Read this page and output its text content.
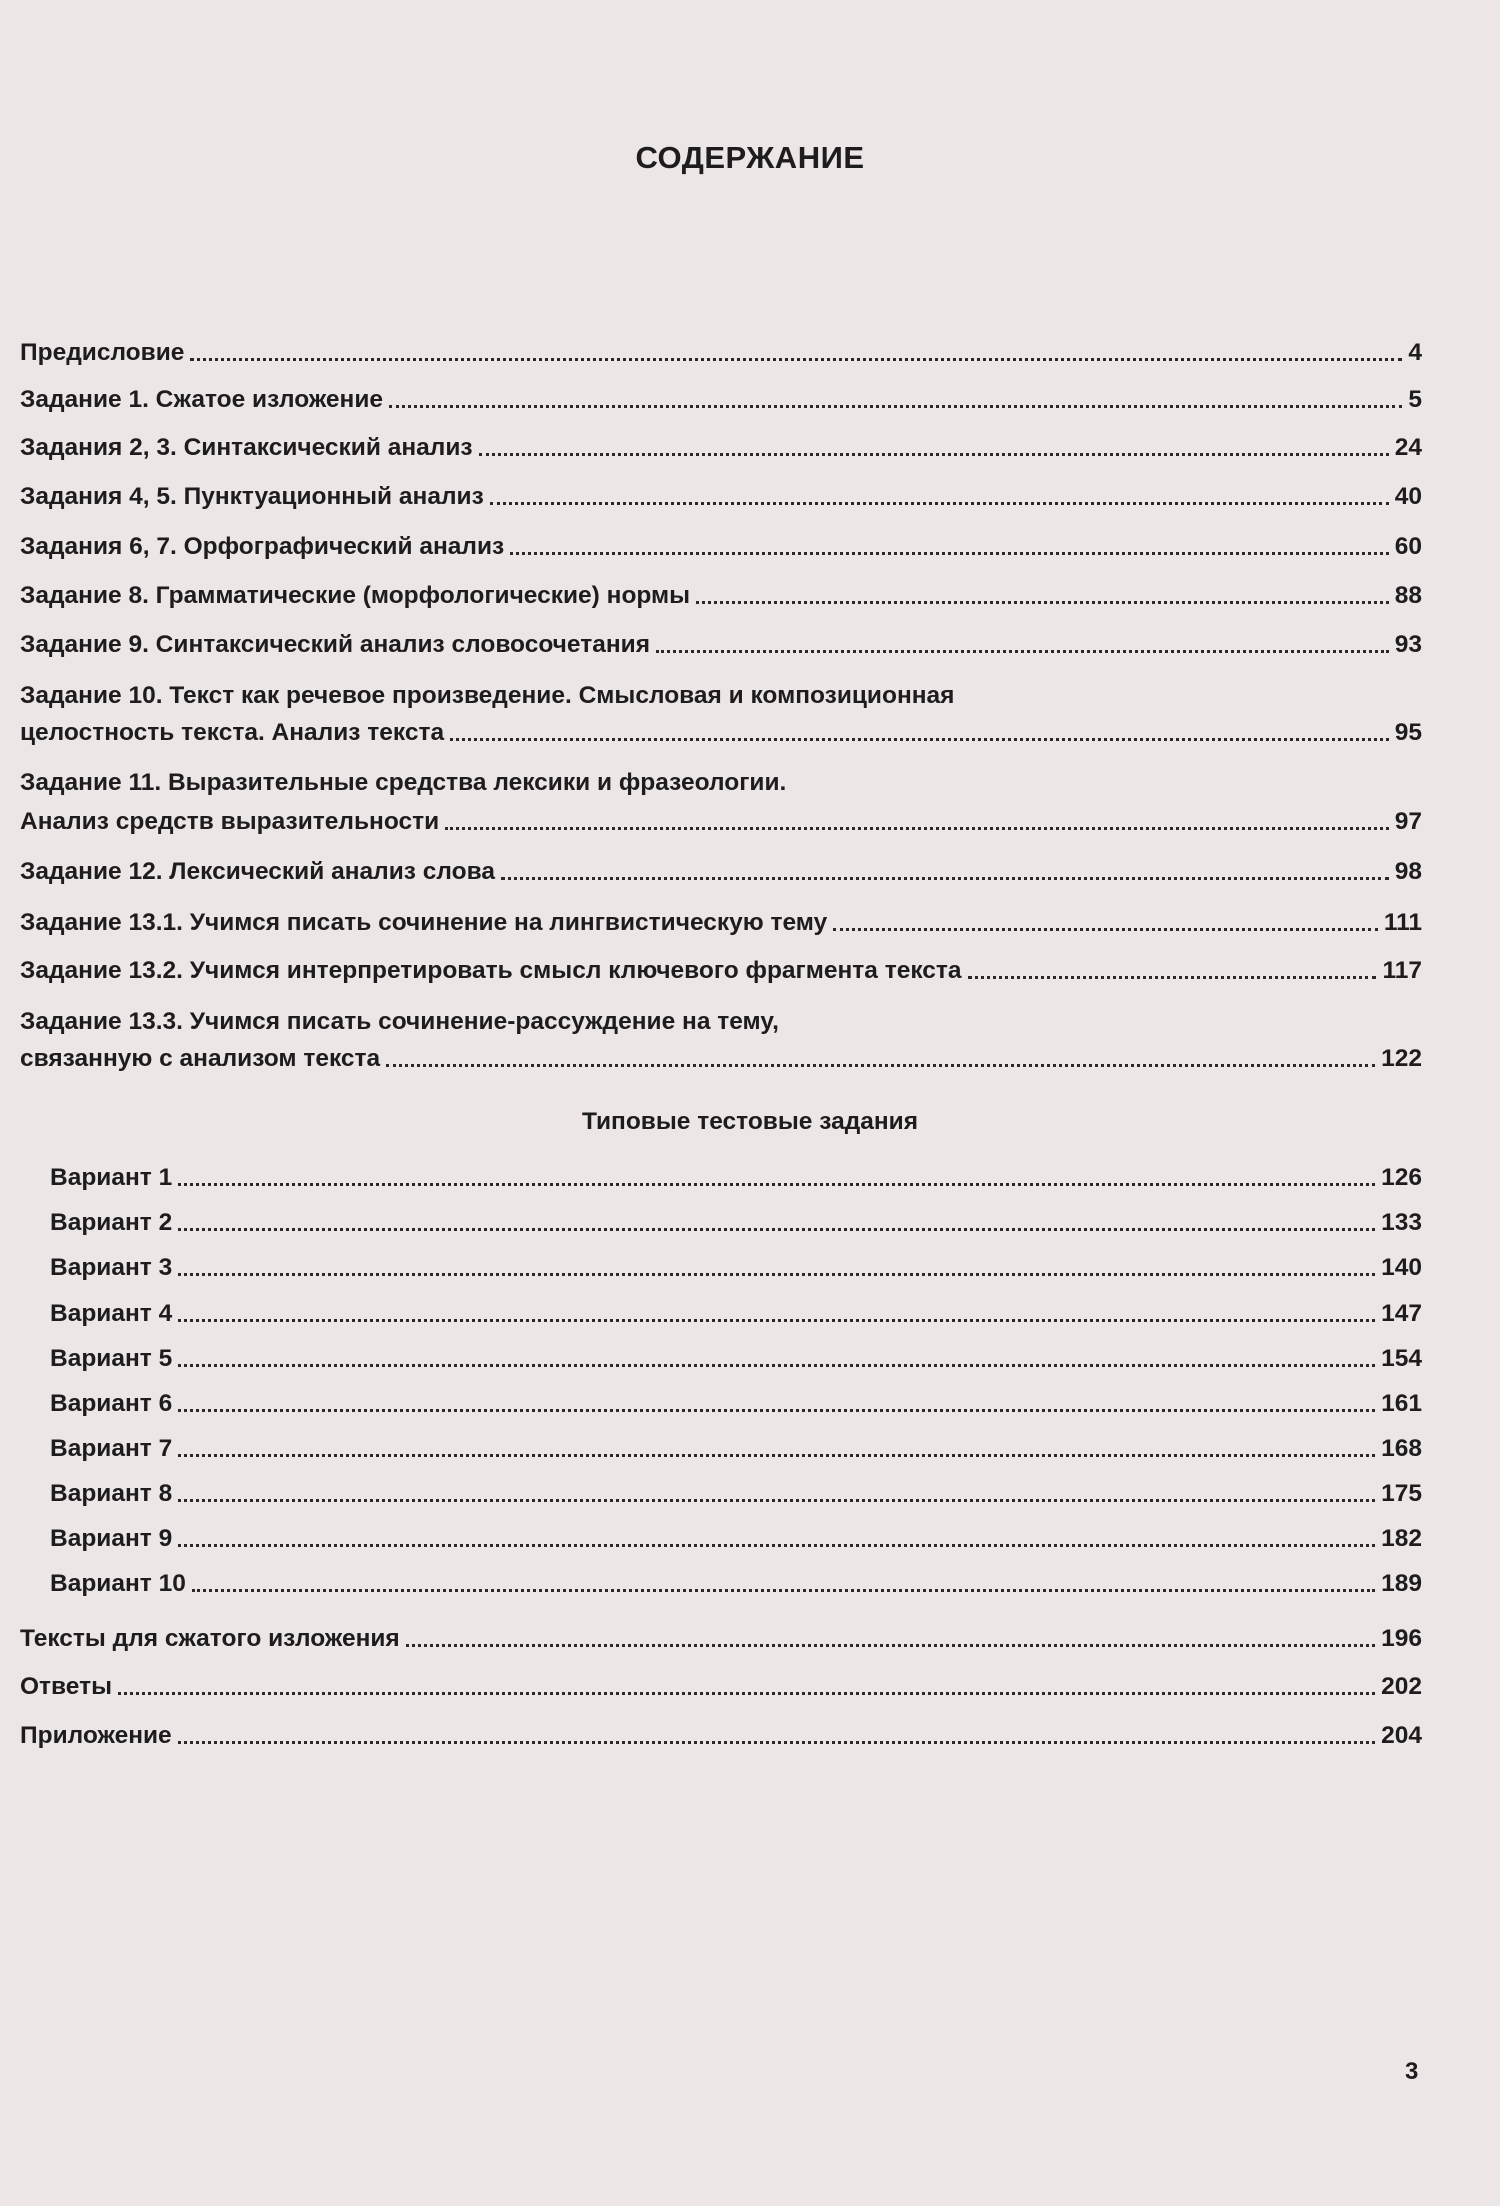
СОДЕРЖАНИЕ
Предисловие	4
Задание 1. Сжатое изложение	5
Задания 2, 3. Синтаксический анализ	24
Задания 4, 5. Пунктуационный анализ	40
Задания 6, 7. Орфографический анализ	60
Задание 8. Грамматические (морфологические) нормы	88
Задание 9. Синтаксический анализ словосочетания	93
Задание 10. Текст как речевое произведение. Смысловая и композиционная
целостность текста. Анализ текста	95
Задание 11. Выразительные средства лексики и фразеологии.
Анализ средств выразительности	97
Задание 12. Лексический анализ слова	98
Задание 13.1. Учимся писать сочинение на лингвистическую тему	111
Задание 13.2. Учимся интерпретировать смысл ключевого фрагмента текста	117
Задание 13.3. Учимся писать сочинение-рассуждение на тему,
связанную с анализом текста	122
Типовые тестовые задания
Вариант 1	126
Вариант 2	133
Вариант 3	140
Вариант 4	147
Вариант 5	154
Вариант 6	161
Вариант 7	168
Вариант 8	175
Вариант 9	182
Вариант 10	189
Тексты для сжатого изложения	196
Ответы	202
Приложение	204
3
